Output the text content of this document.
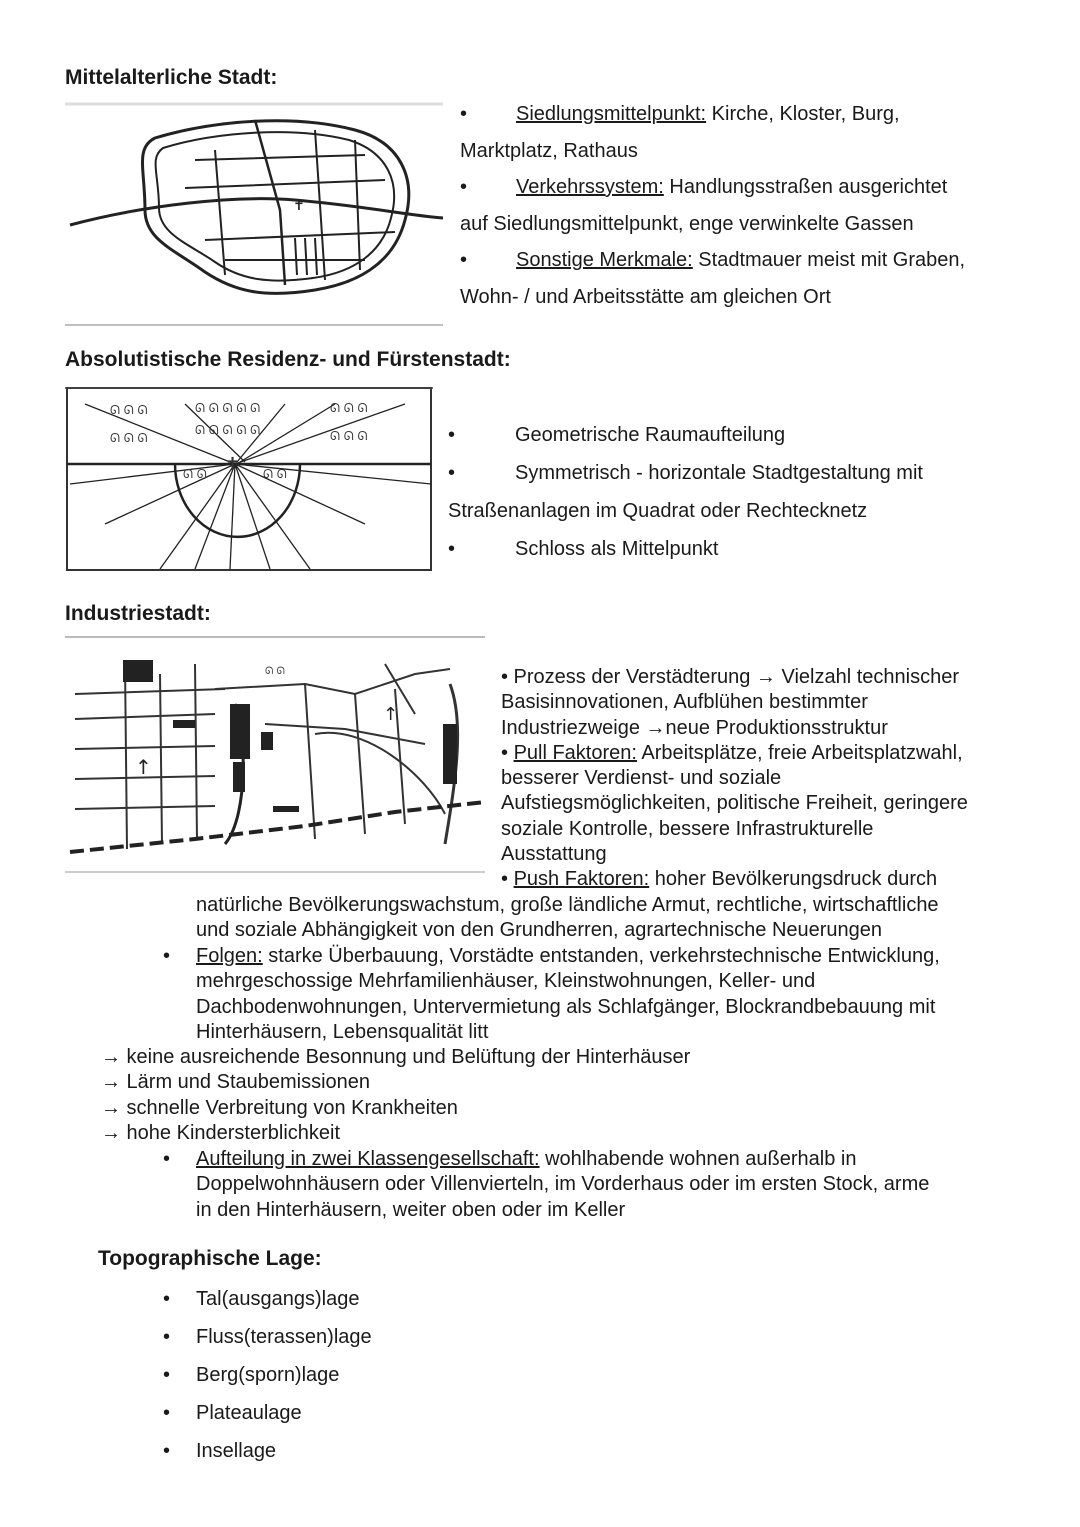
Mittelalterliche Stadt:
✝
• Siedlungsmittelpunkt: Kirche, Kloster, Burg,
Marktplatz, Rathaus
• Verkehrssystem: Handlungsstraßen ausgerichtet
auf Siedlungsmittelpunkt, enge verwinkelte Gassen
• Sonstige Merkmale: Stadtmauer meist mit Graben,
Wohn- / und Arbeitsstätte am gleichen Ort
Absolutistische Residenz- und Fürstenstadt:
ᘏ ᘏ ᘏ	ᘏ ᘏ ᘏ ᘏ ᘏ	ᘏ ᘏ ᘏ
ᘏ ᘏ ᘏ
ᘏ ᘏ ᘏ ᘏ ᘏ	ᘏ ᘏ ᘏ
ᘏ ᘏ	ᘏ ᘏ
✝
•	Geometrische Raumaufteilung
•	Symmetrisch - horizontale Stadtgestaltung mit
Straßenanlagen im Quadrat oder Rechtecknetz
•	Schloss als Mittelpunkt
Industriestadt:
↑
↑
ᘏ ᘏ	• Prozess der Verstädterung → Vielzahl technischer
Basisinnovationen, Aufblühen bestimmter
Industriezweige →neue Produktionsstruktur
• Pull Faktoren: Arbeitsplätze, freie Arbeitsplatzwahl,
besserer Verdienst- und soziale
Aufstiegsmöglichkeiten, politische Freiheit, geringere
soziale Kontrolle, bessere Infrastrukturelle
Ausstattung
• Push Faktoren: hoher Bevölkerungsdruck durch
natürliche Bevölkerungswachstum, große ländliche Armut, rechtliche, wirtschaftliche
und soziale Abhängigkeit von den Grundherren, agrartechnische Neuerungen
• Folgen: starke Überbauung, Vorstädte entstanden, verkehrstechnische Entwicklung,
mehrgeschossige Mehrfamilienhäuser, Kleinstwohnungen, Keller- und
Dachbodenwohnungen, Untervermietung als Schlafgänger, Blockrandbebauung mit
Hinterhäusern, Lebensqualität litt
→ keine ausreichende Besonnung und Belüftung der Hinterhäuser
→ Lärm und Staubemissionen
→ schnelle Verbreitung von Krankheiten
→ hohe Kindersterblichkeit
• Aufteilung in zwei Klassengesellschaft: wohlhabende wohnen außerhalb in
Doppelwohnhäusern oder Villenvierteln, im Vorderhaus oder im ersten Stock, arme
in den Hinterhäusern, weiter oben oder im Keller
Topographische Lage:
• Tal(ausgangs)lage
• Fluss(terassen)lage
• Berg(sporn)lage
• Plateaulage
• Insellage
